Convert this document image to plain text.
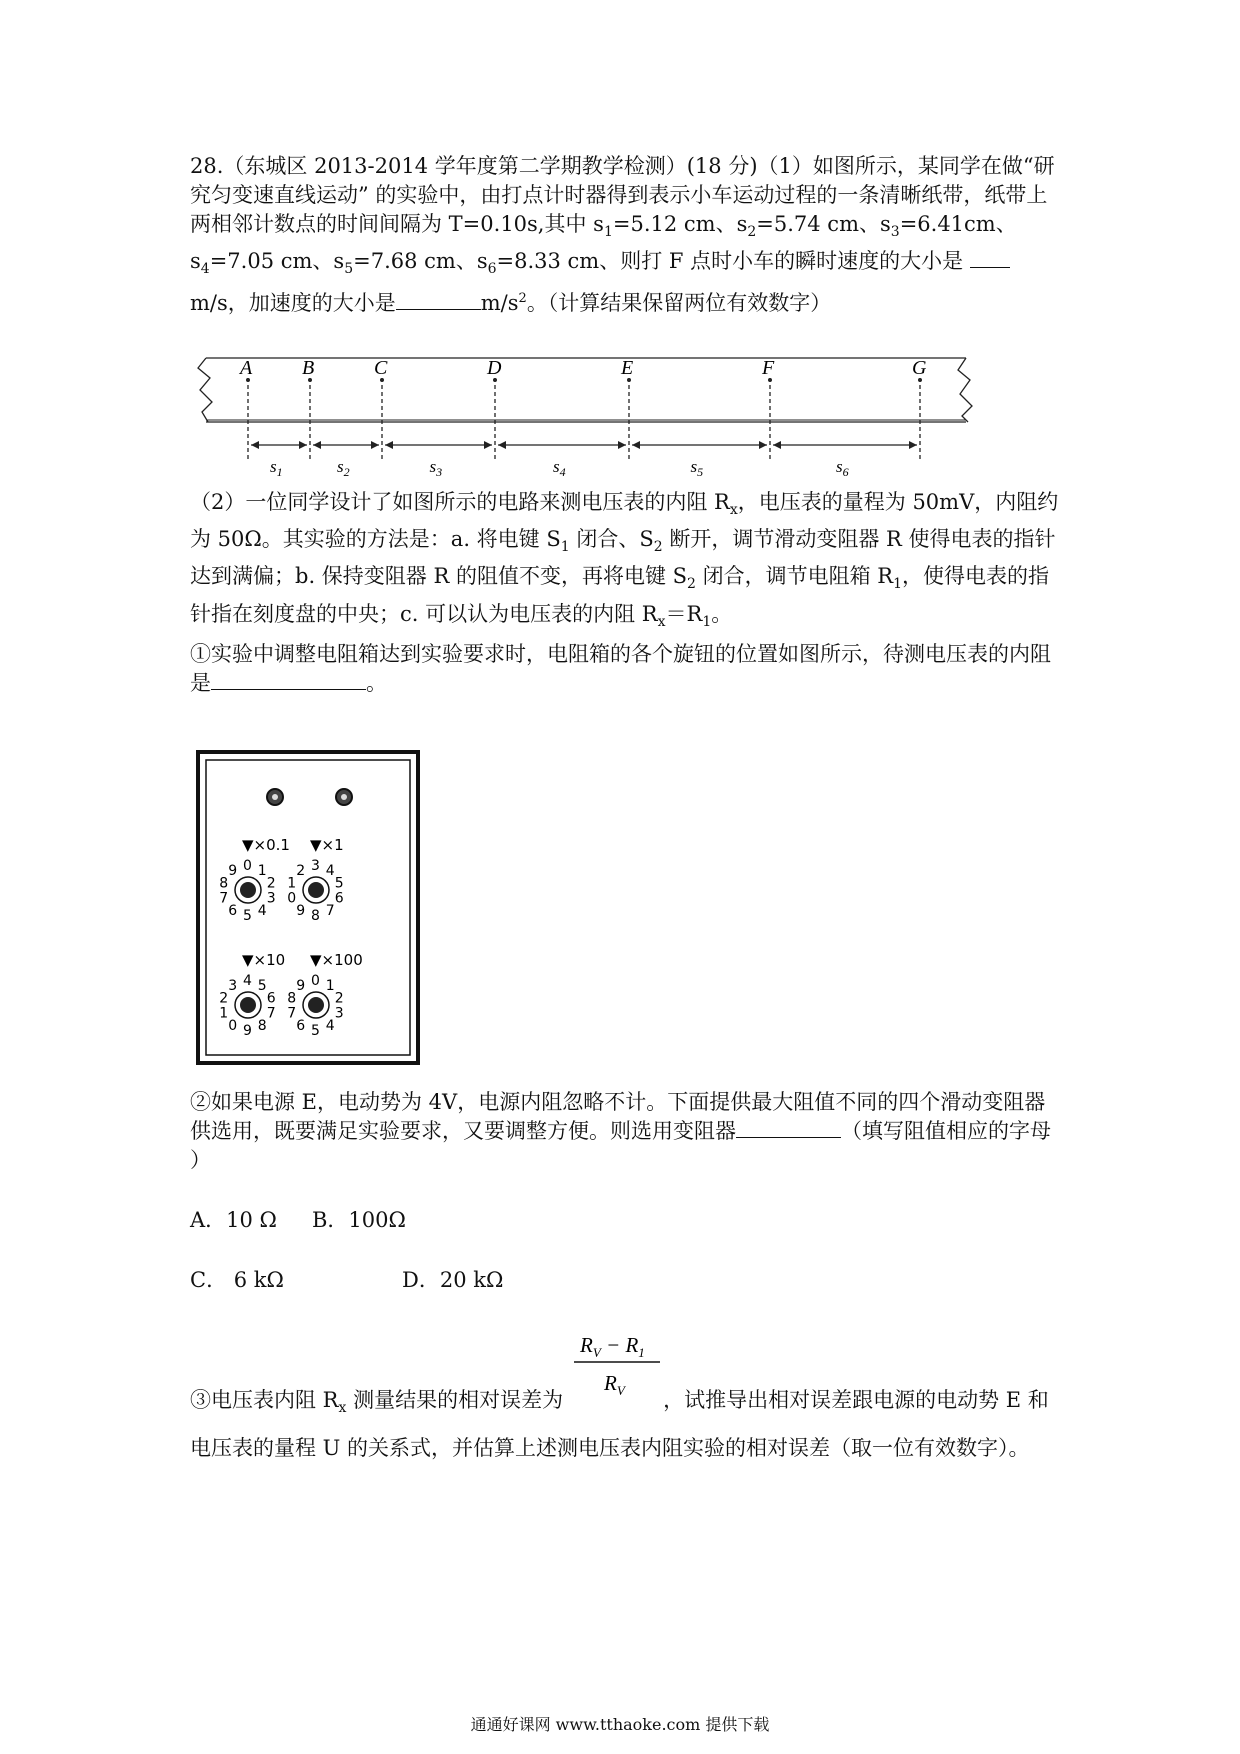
28.（东城区 2013-2014 学年度第二学期教学检测）(18 分)（1）如图所示，某同学在做“研究匀变速直线运动” 的实验中，由打点计时器得到表示小车运动过程的一条清晰纸带，纸带上两相邻计数点的时间间隔为 T=0.10s,其中 $s_1=5.12$ cm、$s_2=5.74$ cm、$s_3=6.41cm$、$s_4=7.05$ cm、$s_5=7.68$ cm、$s_6=8.33$ cm、则打 F 点时小车的瞬时速度的大小是 m/s，加速度的大小是	$m/s^2$。（计算结果保留两位有效数字）

A B	C	D	E	F	G
$s_1$	$s_2$	$s_3$	$s_4$	$s_5$	$s_6$

（2）一位同学设计了如图所示的电路来测电压表的内阻 $R_x$，电压表的量程为 50mV，内阻约为 50Ω。其实验的方法是：a. 将电键 $S_1$ 闭合、$S_2$ 断开，调节滑动变阻器 R 使得电表的指针达到满偏；b. 保持变阻器 R 的阻值不变，再将电键 $S_2$ 闭合，调节电阻箱 $R_1$，使得电表的指针指在刻度盘的中央；c. 可以认为电压表的内阻 $R_x=R_1$。

①实验中调整电阻箱达到实验要求时，电阻箱的各个旋钮的位置如图所示，待测电压表的内阻是	。

▼×0.1
0 1
2
3
4
5
6
7
8
9
▼×1
3 4
5
6
7
8
9
0
1
2
▼×10
4 5
6
7
8
9
0
1
2
3
▼×100
0 1
2
3
4
5
6
7
8
9

②如果电源 E，电动势为 4V，电源内阻忽略不计。下面提供最大阻值不同的四个滑动变阻器供选用，既要满足实验要求，又要调整方便。则选用变阻器	（填写阻值相应的字母 ）

A．10 Ω B．100Ω
C． 6 kΩ	D．20 kΩ
$R_V - R_1$
$R_V$

③电压表内阻 $R_x$ 测量结果的相对误差为	，试推导出相对误差跟电源的电动势 E 和
电压表的量程 U 的关系式，并估算上述测电压表内阻实验的相对误差（取一位有效数字）。

通通好课网 www.tthaoke.com 提供下载
